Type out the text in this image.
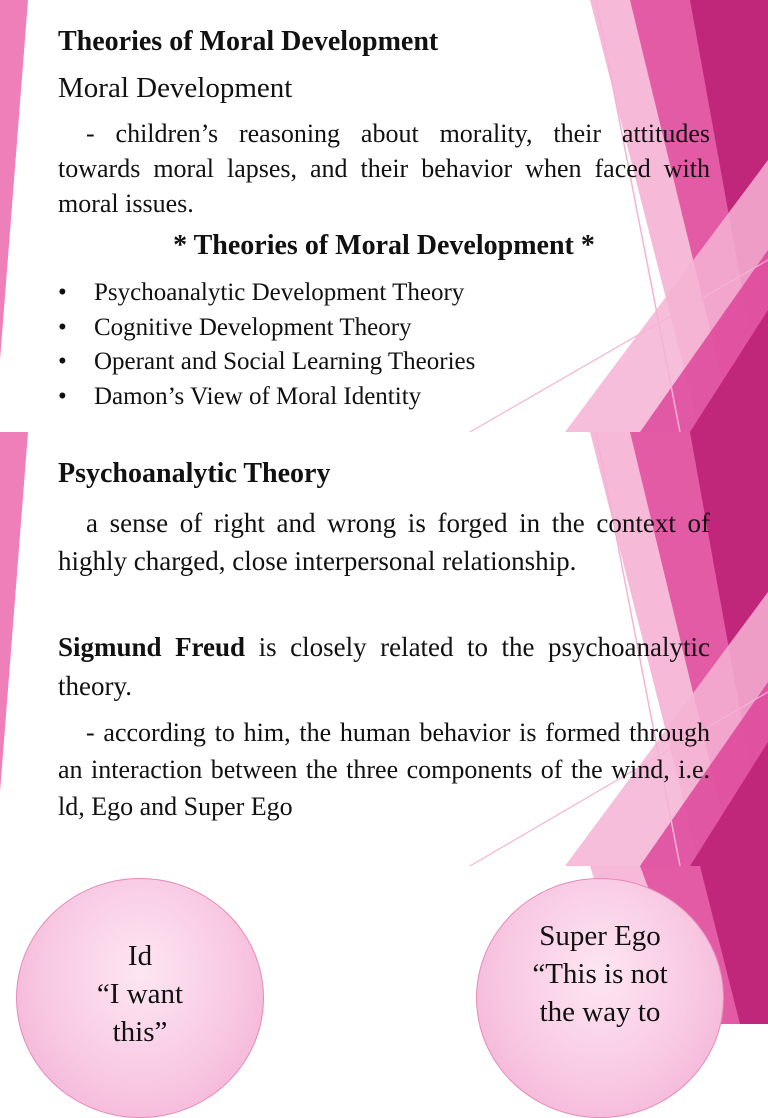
Theories of Moral Development
Moral Development
- children’s reasoning about morality, their attitudes towards moral lapses, and their behavior when faced with moral issues.
* Theories of Moral Development *
• Psychoanalytic Development Theory
• Cognitive Development Theory
• Operant and Social Learning Theories
• Damon’s View of Moral Identity
Psychoanalytic Theory
a sense of right and wrong is forged in the context of highly charged, close interpersonal relationship.
Sigmund Freud is closely related to the psychoanalytic theory.
- according to him, the human behavior is formed through an interaction between the three components of the wind, i.e. ld, Ego and Super Ego
Id
“I want
this”
Super Ego
“This is not
the way to
